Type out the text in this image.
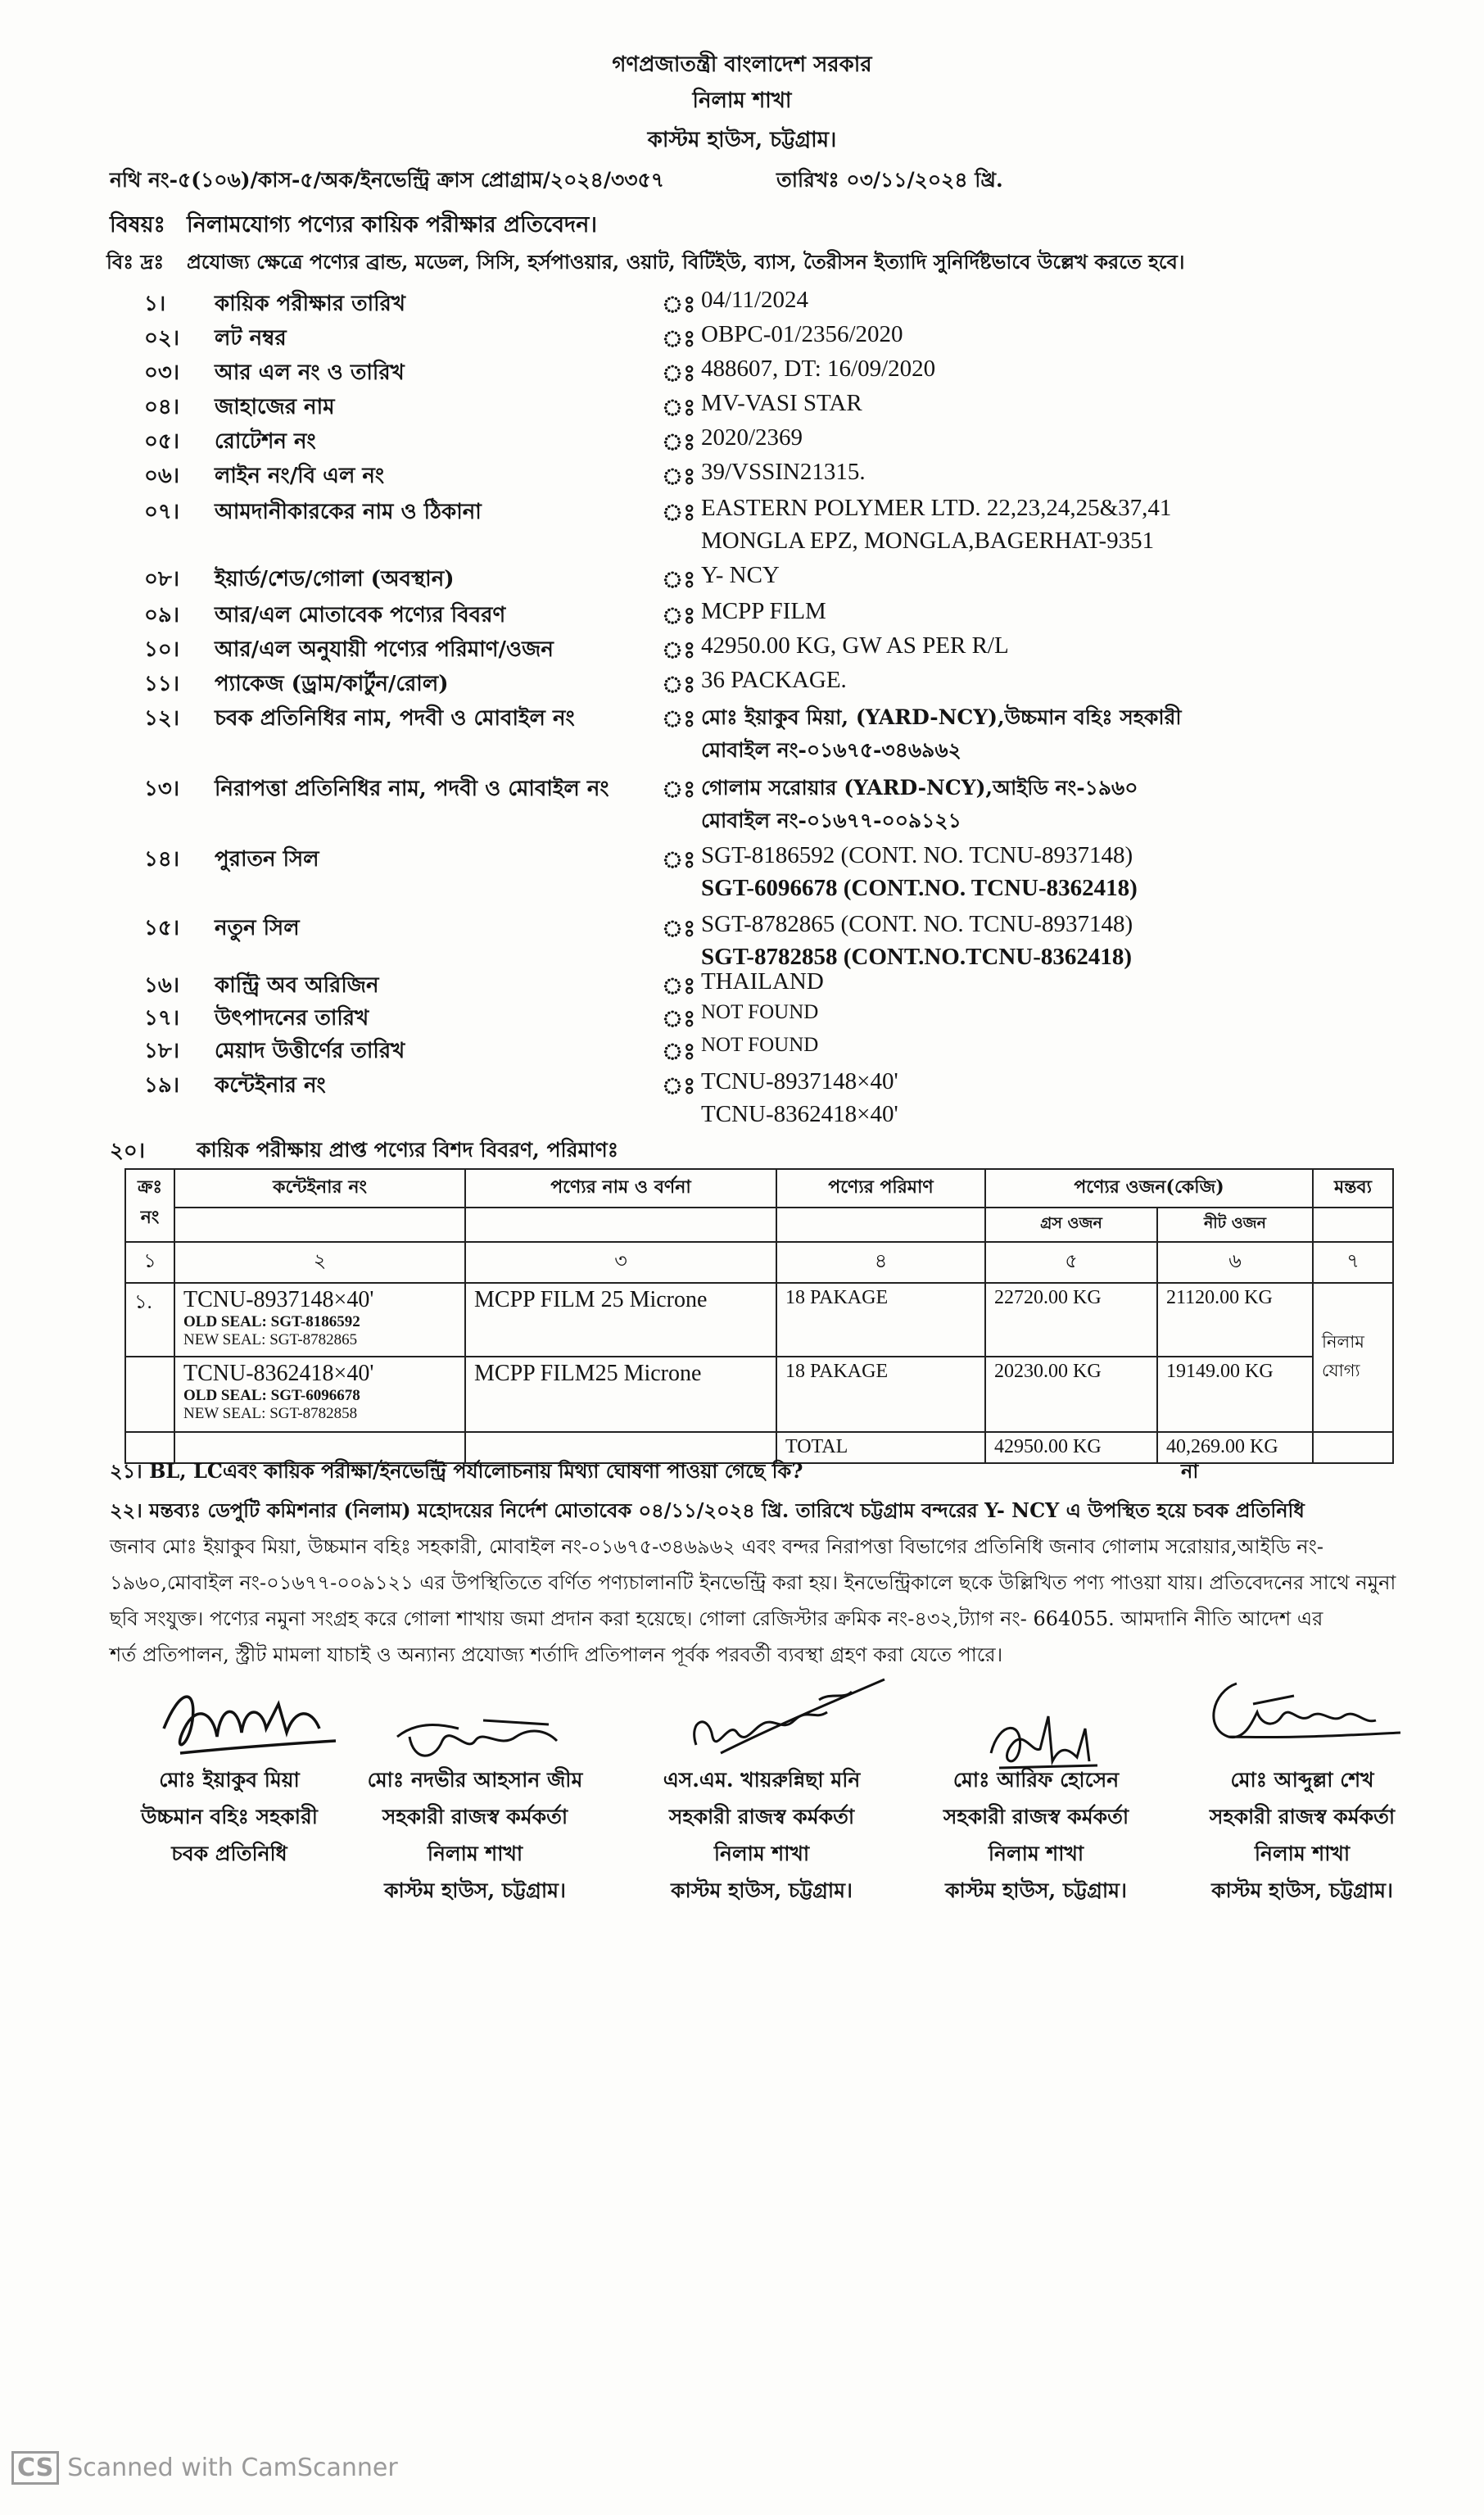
গণপ্রজাতন্ত্রী বাংলাদেশ সরকার
নিলাম শাখা
কাস্টম হাউস, চট্টগ্রাম।
নথি নং-৫(১০৬)/কাস-৫/অক/ইনভেন্ট্রি ক্রাস প্রোগ্রাম/২০২৪/৩৩৫৭	তারিখঃ ০৩/১১/২০২৪ খ্রি.
বিষয়ঃ নিলামযোগ্য পণ্যের কায়িক পরীক্ষার প্রতিবেদন।
বিঃ দ্রঃ প্রযোজ্য ক্ষেত্রে পণ্যের ব্রান্ড, মডেল, সিসি, হর্সপাওয়ার, ওয়াট, বিটিইউ, ব্যাস, তৈরীসন ইত্যাদি সুনির্দিষ্টভাবে উল্লেখ করতে হবে।
১। কায়িক পরীক্ষার তারিখ	ঃ 04/11/2024
০২। লট নম্বর	ঃ OBPC-01/2356/2020
০৩। আর এল নং ও তারিখ	ঃ 488607, DT: 16/09/2020
০৪। জাহাজের নাম	ঃ MV-VASI STAR
০৫। রোটেশন নং	ঃ 2020/2369
০৬। লাইন নং/বি এল নং	ঃ 39/VSSIN21315.
০৭। আমদানীকারকের নাম ও ঠিকানা	ঃ EASTERN POLYMER LTD. 22,23,24,25&37,41
MONGLA EPZ, MONGLA,BAGERHAT-9351
০৮। ইয়ার্ড/শেড/গোলা (অবস্থান)	ঃ Y- NCY
০৯। আর/এল মোতাবেক পণ্যের বিবরণ	ঃ MCPP FILM
১০। আর/এল অনুযায়ী পণ্যের পরিমাণ/ওজন	ঃ 42950.00 KG, GW AS PER R/L
১১। প্যাকেজ (ড্রাম/কার্টুন/রোল)	ঃ 36 PACKAGE.
১২। চবক প্রতিনিধির নাম, পদবী ও মোবাইল নং	ঃ মোঃ ইয়াকুব মিয়া, (YARD-NCY),উচ্চমান বহিঃ সহকারী
মোবাইল নং-০১৬৭৫-৩৪৬৯৬২
১৩। নিরাপত্তা প্রতিনিধির নাম, পদবী ও মোবাইল নং ঃ গোলাম সরোয়ার (YARD-NCY),আইডি নং-১৯৬০
মোবাইল নং-০১৬৭৭-০০৯১২১
১৪। পুরাতন সিল	ঃ SGT-8186592 (CONT. NO. TCNU-8937148)
SGT-6096678 (CONT.NO. TCNU-8362418)
১৫। নতুন সিল	ঃ SGT-8782865 (CONT. NO. TCNU-8937148)
SGT-8782858 (CONT.NO.TCNU-8362418)
১৬। কান্ট্রি অব অরিজিন	ঃ THAILAND
১৭। উৎপাদনের তারিখ	ঃ NOT FOUND
১৮। মেয়াদ উত্তীর্ণের তারিখ	ঃ NOT FOUND
১৯। কন্টেইনার নং	ঃ TCNU-8937148×40'
TCNU-8362418×40'
২০।	কায়িক পরীক্ষায় প্রাপ্ত পণ্যের বিশদ বিবরণ, পরিমাণঃ
ক্রঃ নং	কন্টেইনার নং	পণ্যের নাম ও বর্ণনা	পণ্যের পরিমাণ	পণ্যের ওজন(কেজি)		মন্তব্য
				গ্রস ওজন	নীট ওজন	
১	২	৩	৪	৫	৬	৭
১.	TCNU-8937148×40'
OLD SEAL: SGT-8186592
NEW SEAL: SGT-8782865	MCPP FILM 25 Microne	18 PAKAGE	22720.00 KG	21120.00 KG	নিলাম যোগ্য

	TCNU-8362418×40'
OLD SEAL: SGT-6096678
NEW SEAL: SGT-8782858	MCPP FILM25 Microne	18 PAKAGE	20230.00 KG	19149.00 KG	
			TOTAL	42950.00 KG	40,269.00 KG	
২১। BL, LCএবং কায়িক পরীক্ষা/ইনভেন্ট্রি পর্যালোচনায় মিথ্যা ঘোষণা পাওয়া গেছে কি?	না
২২। মন্তব্যঃ ডেপুটি কমিশনার (নিলাম) মহোদয়ের নির্দেশ মোতাবেক ০৪/১১/২০২৪ খ্রি. তারিখে চট্টগ্রাম বন্দরের Y- NCY এ উপস্থিত হয়ে চবক প্রতিনিধি
জনাব মোঃ ইয়াকুব মিয়া, উচ্চমান বহিঃ সহকারী, মোবাইল নং-০১৬৭৫-৩৪৬৯৬২ এবং বন্দর নিরাপত্তা বিভাগের প্রতিনিধি জনাব গোলাম সরোয়ার,আইডি নং-
১৯৬০,মোবাইল নং-০১৬৭৭-০০৯১২১ এর উপস্থিতিতে বর্ণিত পণ্যচালানটি ইনভেন্ট্রি করা হয়। ইনভেন্ট্রিকালে ছকে উল্লিখিত পণ্য পাওয়া যায়। প্রতিবেদনের সাথে নমুনা
ছবি সংযুক্ত। পণ্যের নমুনা সংগ্রহ করে গোলা শাখায় জমা প্রদান করা হয়েছে। গোলা রেজিস্টার ক্রমিক নং-৪৩২,ট্যাগ নং- 664055. আমদানি নীতি আদেশ এর
শর্ত প্রতিপালন, স্ট্রীট মামলা যাচাই ও অন্যান্য প্রযোজ্য শর্তাদি প্রতিপালন পূর্বক পরবর্তী ব্যবস্থা গ্রহণ করা যেতে পারে।
মোঃ ইয়াকুব মিয়া
উচ্চমান বহিঃ সহকারী
চবক প্রতিনিধি
মোঃ নদভীর আহসান জীম
সহকারী রাজস্ব কর্মকর্তা
নিলাম শাখা
কাস্টম হাউস, চট্টগ্রাম।
এস.এম. খায়রুন্নিছা মনি
সহকারী রাজস্ব কর্মকর্তা
নিলাম শাখা
কাস্টম হাউস, চট্টগ্রাম।
মোঃ আরিফ হোসেন
সহকারী রাজস্ব কর্মকর্তা
নিলাম শাখা
কাস্টম হাউস, চট্টগ্রাম।
মোঃ আব্দুল্লা শেখ
সহকারী রাজস্ব কর্মকর্তা
নিলাম শাখা
কাস্টম হাউস, চট্টগ্রাম।
CS Scanned with CamScanner
